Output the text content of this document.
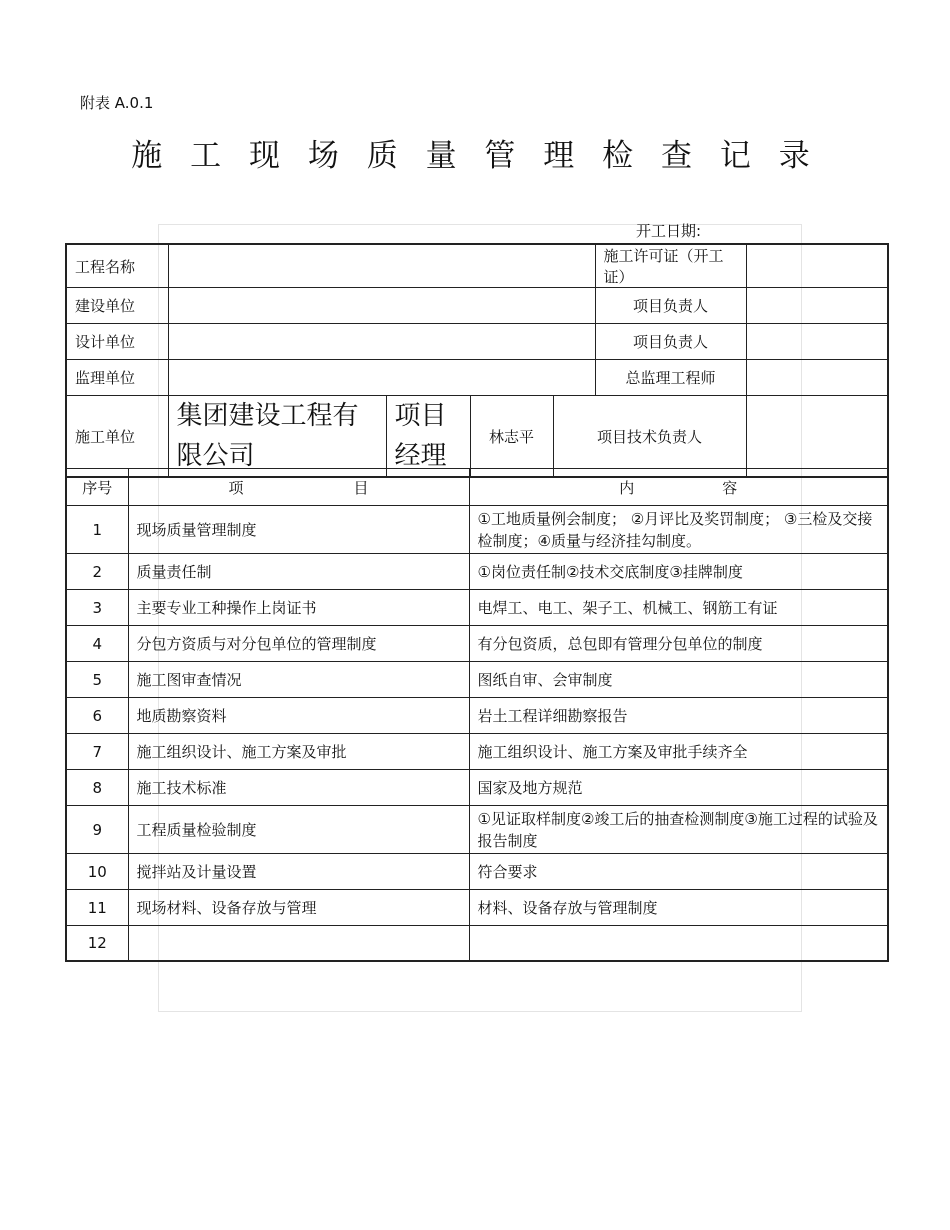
附表 A.0.1
施 工 现 场 质 量 管 理 检 查 记 录
开工日期:
工程名称					施工许可证（开工证）	
建设单位					项目负责人	
设计单位					项目负责人	
监理单位					总监理工程师	
施工单位	集团建设工程有限公司	项目经理	林志平	项目技术负责人		
序号	项 目	内 容
1	现场质量管理制度	①工地质量例会制度； ②月评比及奖罚制度； ③三检及交接检制度；④质量与经济挂勾制度。
2	质量责任制	①岗位责任制②技术交底制度③挂牌制度
3	主要专业工种操作上岗证书	电焊工、电工、架子工、机械工、钢筋工有证
4	分包方资质与对分包单位的管理制度	有分包资质，总包即有管理分包单位的制度
5	施工图审查情况	图纸自审、会审制度
6	地质勘察资料	岩土工程详细勘察报告
7	施工组织设计、施工方案及审批	施工组织设计、施工方案及审批手续齐全
8	施工技术标准	国家及地方规范
9	工程质量检验制度	①见证取样制度②竣工后的抽查检测制度③施工过程的试验及报告制度
10	搅拌站及计量设置	符合要求
11	现场材料、设备存放与管理	材料、设备存放与管理制度
12		
